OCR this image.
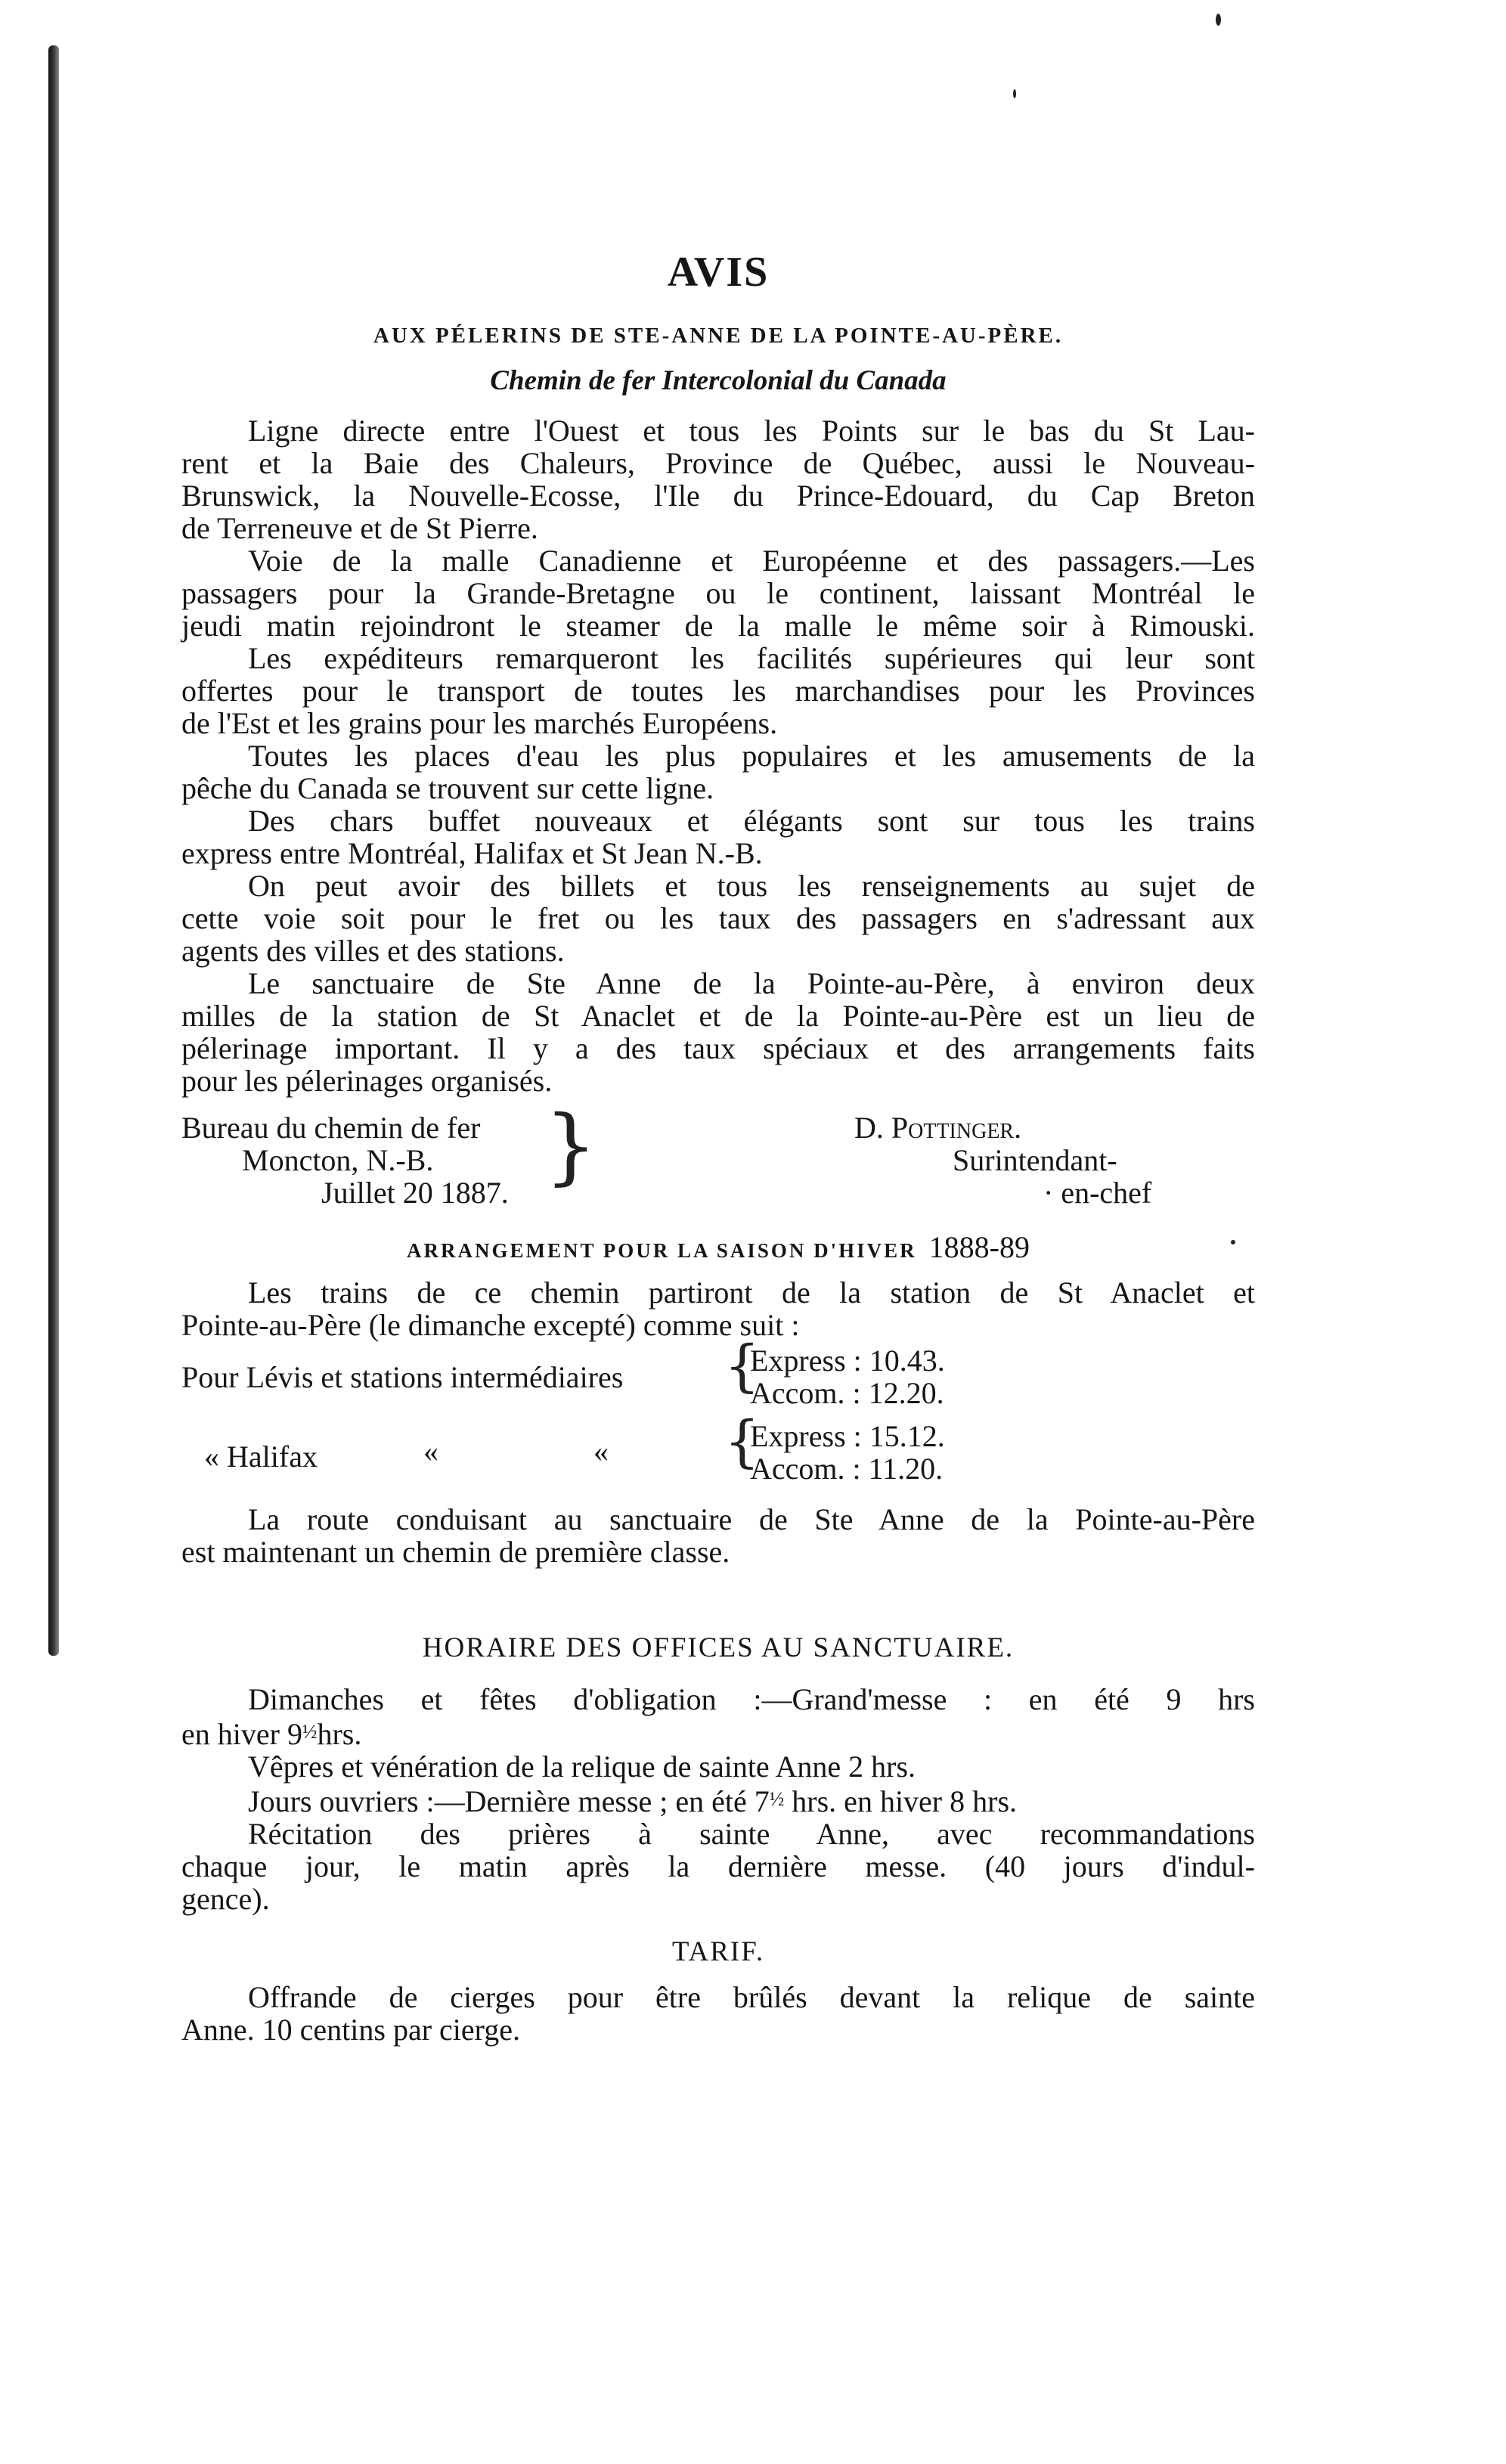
AVIS
AUX PÉLERINS DE STE-ANNE DE LA POINTE-AU-PÈRE.
Chemin de fer Intercolonial du Canada
Ligne directe entre l'Ouest et tous les Points sur le bas du St Lau-
rent et la Baie des Chaleurs, Province de Québec, aussi le Nouveau-
Brunswick, la Nouvelle-Ecosse, l'Ile du Prince-Edouard, du Cap Breton
de Terreneuve et de St Pierre.
Voie de la malle Canadienne et Européenne et des passagers.—Les
passagers pour la Grande-Bretagne ou le continent, laissant Montréal le
jeudi matin rejoindront le steamer de la malle le même soir à Rimouski.
Les expéditeurs remarqueront les facilités supérieures qui leur sont
offertes pour le transport de toutes les marchandises pour les Provinces
de l'Est et les grains pour les marchés Européens.
Toutes les places d'eau les plus populaires et les amusements de la
pêche du Canada se trouvent sur cette ligne.
Des chars buffet nouveaux et élégants sont sur tous les trains
express entre Montréal, Halifax et St Jean N.-B.
On peut avoir des billets et tous les renseignements au sujet de
cette voie soit pour le fret ou les taux des passagers en s'adressant aux
agents des villes et des stations.
Le sanctuaire de Ste Anne de la Pointe-au-Père, à environ deux
milles de la station de St Anaclet et de la Pointe-au-Père est un lieu de
pélerinage important. Il y a des taux spéciaux et des arrangements faits
pour les pélerinages organisés.
Bureau du chemin de fer
Moncton, N.-B.
Juillet 20 1887. }	D. Pottinger.
Surintendant-
· en-chef
ARRANGEMENT POUR LA SAISON D'HIVER 1888-89
Les trains de ce chemin partiront de la station de St Anaclet et
Pointe-au-Père (le dimanche excepté) comme suit :
Pour Lévis et stations intermédiaires {
Express : 10.43.
Accom. : 12.20.
« Halifax	«	« {
Express : 15.12.
Accom. : 11.20.
La route conduisant au sanctuaire de Ste Anne de la Pointe-au-Père
est maintenant un chemin de première classe.
HORAIRE DES OFFICES AU SANCTUAIRE.
Dimanches et fêtes d'obligation :—Grand'messe : en été 9 hrs
en hiver $9^{\frac{1}{2}}hrs$.
Vêpres et vénération de la relique de sainte Anne 2 hrs.
Jours ouvriers :—Dernière messe ; en été $7^{\frac{1}{2}}$ hrs. en hiver 8 hrs.
Récitation des prières à sainte Anne, avec recommandations
chaque jour, le matin après la dernière messe. (40 jours d'indul-
gence).
TARIF.
Offrande de cierges pour être brûlés devant la relique de sainte
Anne. 10 centins par cierge.
